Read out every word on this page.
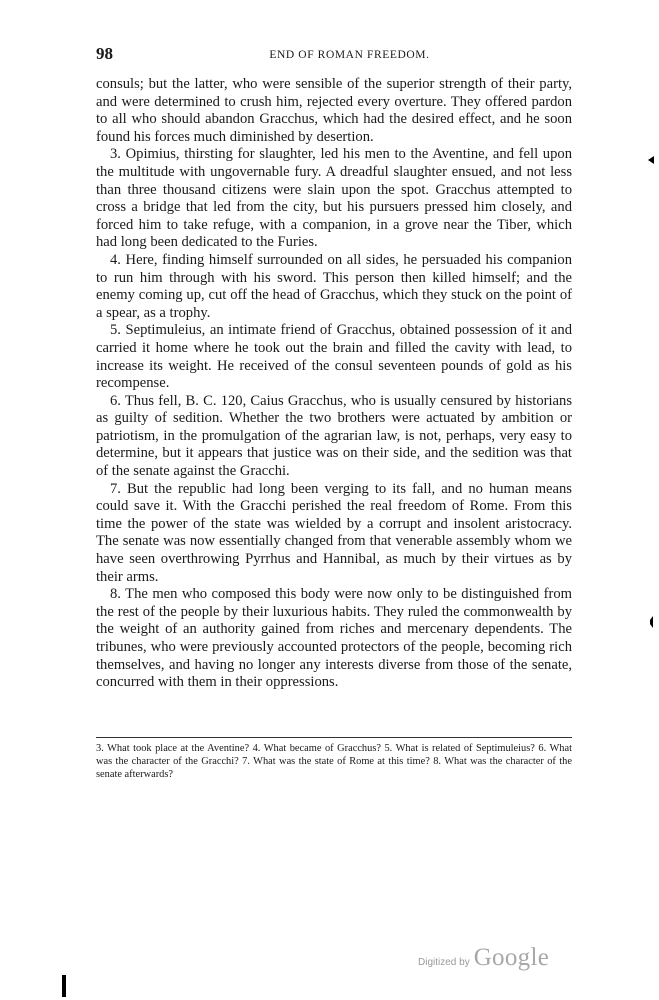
98	END OF ROMAN FREEDOM.

consuls; but the latter, who were sensible of the superior strength of their party, and were determined to crush him, rejected every overture. They offered pardon to all who should abandon Gracchus, which had the desired effect, and he soon found his forces much diminished by desertion.

3. Opimius, thirsting for slaughter, led his men to the Aventine, and fell upon the multitude with ungovernable fury. A dreadful slaughter ensued, and not less than three thousand citizens were slain upon the spot. Gracchus attempted to cross a bridge that led from the city, but his pursuers pressed him closely, and forced him to take refuge, with a companion, in a grove near the Tiber, which had long been dedicated to the Furies.

4. Here, finding himself surrounded on all sides, he persuaded his companion to run him through with his sword. This person then killed himself; and the enemy coming up, cut off the head of Gracchus, which they stuck on the point of a spear, as a trophy.

5. Septimuleius, an intimate friend of Gracchus, obtained possession of it and carried it home where he took out the brain and filled the cavity with lead, to increase its weight. He received of the consul seventeen pounds of gold as his recompense.

6. Thus fell, B. C. 120, Caius Gracchus, who is usually censured by historians as guilty of sedition. Whether the two brothers were actuated by ambition or patriotism, in the promulgation of the agrarian law, is not, perhaps, very easy to determine, but it appears that justice was on their side, and the sedition was that of the senate against the Gracchi.

7. But the republic had long been verging to its fall, and no human means could save it. With the Gracchi perished the real freedom of Rome. From this time the power of the state was wielded by a corrupt and insolent aristocracy. The senate was now essentially changed from that venerable assembly whom we have seen overthrowing Pyrrhus and Hannibal, as much by their virtues as by their arms.

8. The men who composed this body were now only to be distinguished from the rest of the people by their luxurious habits. They ruled the commonwealth by the weight of an authority gained from riches and mercenary dependents. The tribunes, who were previously accounted protectors of the people, becoming rich themselves, and having no longer any interests diverse from those of the senate, concurred with them in their oppressions.

3. What took place at the Aventine? 4. What became of Gracchus? 5. What is related of Septimuleius? 6. What was the character of the Gracchi? 7. What was the state of Rome at this time? 8. What was the character of the senate afterwards?

Digitized by Google
